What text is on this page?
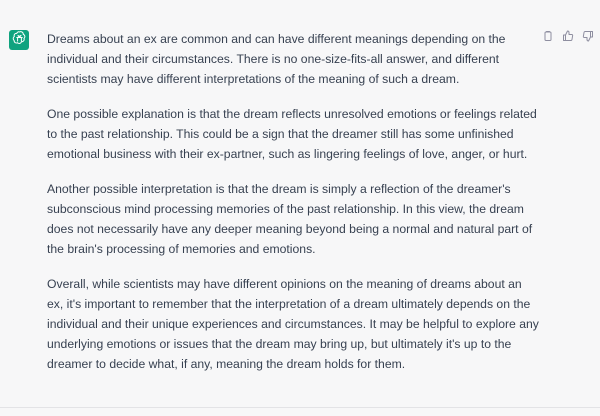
Dreams about an ex are common and can have different meanings depending on the individual and their circumstances. There is no one-size-fits-all answer, and different scientists may have different interpretations of the meaning of such a dream.

One possible explanation is that the dream reflects unresolved emotions or feelings related to the past relationship. This could be a sign that the dreamer still has some unfinished emotional business with their ex-partner, such as lingering feelings of love, anger, or hurt.

Another possible interpretation is that the dream is simply a reflection of the dreamer's subconscious mind processing memories of the past relationship. In this view, the dream does not necessarily have any deeper meaning beyond being a normal and natural part of the brain's processing of memories and emotions.

Overall, while scientists may have different opinions on the meaning of dreams about an ex, it's important to remember that the interpretation of a dream ultimately depends on the individual and their unique experiences and circumstances. It may be helpful to explore any underlying emotions or issues that the dream may bring up, but ultimately it's up to the dreamer to decide what, if any, meaning the dream holds for them.
